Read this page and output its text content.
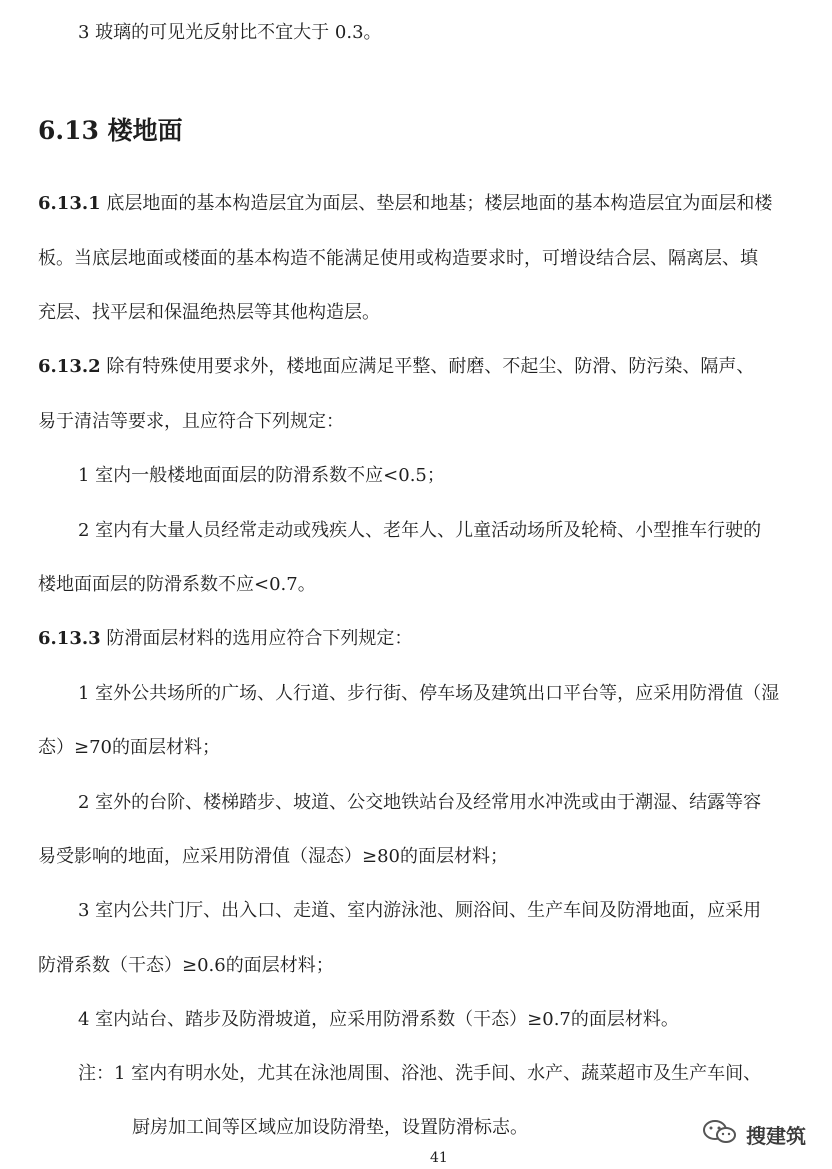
3 玻璃的可见光反射比不宜大于 0.3。
6.13 楼地面
6.13.1 底层地面的基本构造层宜为面层、垫层和地基；楼层地面的基本构造层宜为面层和楼
板。当底层地面或楼面的基本构造不能满足使用或构造要求时，可增设结合层、隔离层、填
充层、找平层和保温绝热层等其他构造层。
6.13.2 除有特殊使用要求外，楼地面应满足平整、耐磨、不起尘、防滑、防污染、隔声、
易于清洁等要求，且应符合下列规定：
1 室内一般楼地面面层的防滑系数不应<0.5；
2 室内有大量人员经常走动或残疾人、老年人、儿童活动场所及轮椅、小型推车行驶的
楼地面面层的防滑系数不应<0.7。
6.13.3 防滑面层材料的选用应符合下列规定：
1 室外公共场所的广场、人行道、步行街、停车场及建筑出口平台等，应采用防滑值（湿
态）≥70的面层材料；
2 室外的台阶、楼梯踏步、坡道、公交地铁站台及经常用水冲洗或由于潮湿、结露等容
易受影响的地面，应采用防滑值（湿态）≥80的面层材料；
3 室内公共门厅、出入口、走道、室内游泳池、厕浴间、生产车间及防滑地面，应采用
防滑系数（干态）≥0.6的面层材料；
4 室内站台、踏步及防滑坡道，应采用防滑系数（干态）≥0.7的面层材料。
注：1 室内有明水处，尤其在泳池周围、浴池、洗手间、水产、蔬菜超市及生产车间、
厨房加工间等区域应加设防滑垫，设置防滑标志。
41
搜建筑
